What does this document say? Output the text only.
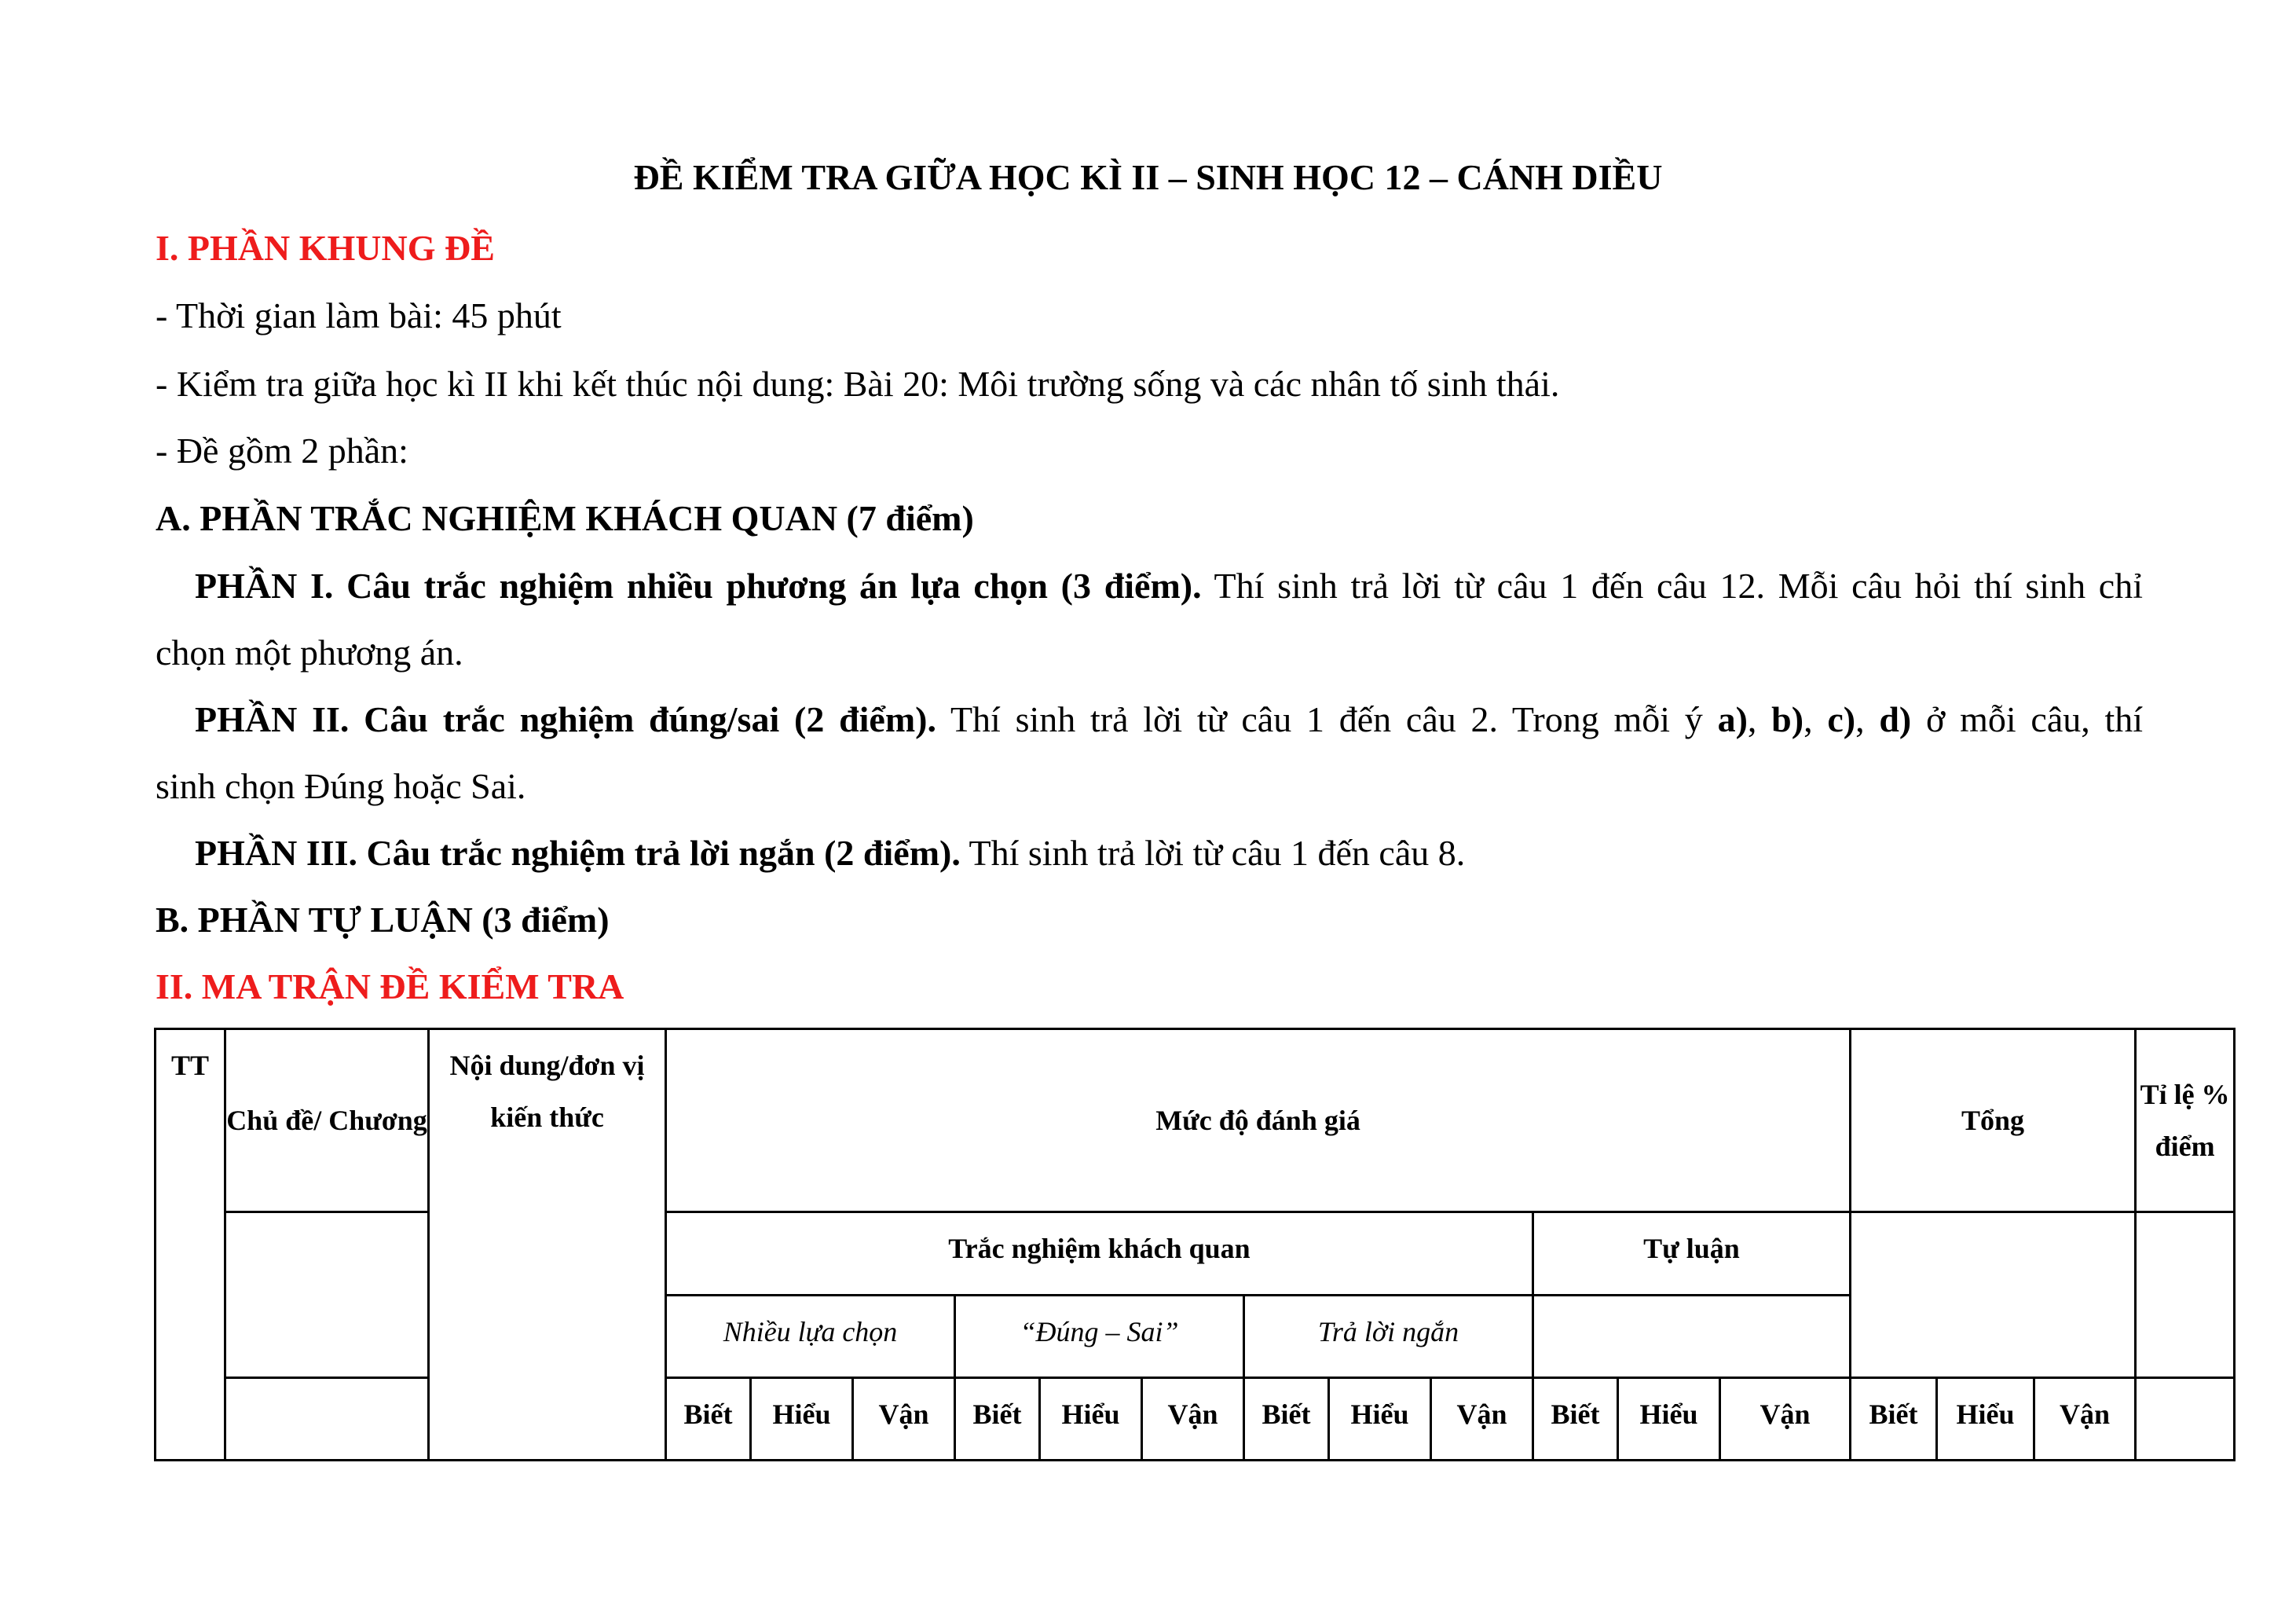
ĐỀ KIỂM TRA GIỮA HỌC KÌ II – SINH HỌC 12 – CÁNH DIỀU
I. PHẦN KHUNG ĐỀ
- Thời gian làm bài: 45 phút
- Kiểm tra giữa học kì II khi kết thúc nội dung: Bài 20: Môi trường sống và các nhân tố sinh thái.
- Đề gồm 2 phần:
A. PHẦN TRẮC NGHIỆM KHÁCH QUAN (7 điểm)
PHẦN I. Câu trắc nghiệm nhiều phương án lựa chọn (3 điểm). Thí sinh trả lời từ câu 1 đến câu 12. Mỗi câu hỏi thí sinh chỉ
chọn một phương án.
PHẦN II. Câu trắc nghiệm đúng/sai (2 điểm). Thí sinh trả lời từ câu 1 đến câu 2. Trong mỗi ý a), b), c), d) ở mỗi câu, thí
sinh chọn Đúng hoặc Sai.
PHẦN III. Câu trắc nghiệm trả lời ngắn (2 điểm). Thí sinh trả lời từ câu 1 đến câu 8.
B. PHẦN TỰ LUẬN (3 điểm)
II. MA TRẬN ĐỀ KIỂM TRA
TT	Chủ đề/ Chương	Nội dung/đơn vị kiến thức	Mức độ đánh giá												Tổng			Tỉ lệ % điểm
			Trắc nghiệm khách quan									Tự luận						
			Nhiều lựa chọn			“Đúng – Sai”			Trả lời ngắn									
			Biết	Hiểu	Vận	Biết	Hiểu	Vận	Biết	Hiểu	Vận	Biết	Hiểu	Vận	Biết	Hiểu	Vận	
